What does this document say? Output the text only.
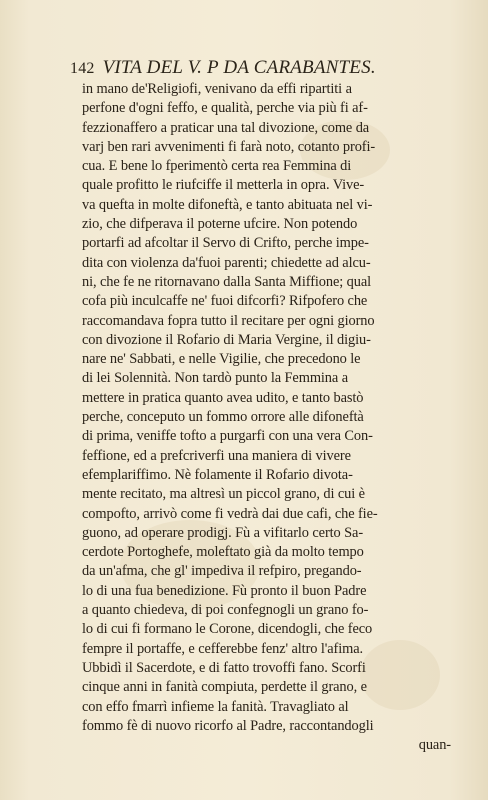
142 VITA DEL V. P DA CARABANTES.
in mano de'Religiofi, venivano da effi ripartiti a
perfone d'ogni feffo, e qualità, perche via più fi af-
fezzionaffero a praticar una tal divozione, come da
varj ben rari avvenimenti fi farà noto, cotanto profi-
cua. E bene lo fperimentò certa rea Femmina di
quale profitto le riufciffe il metterla in opra. Vive-
va quefta in molte difoneftà, e tanto abituata nel vi-
zio, che difperava il poterne ufcire. Non potendo
portarfi ad afcoltar il Servo di Crifto, perche impe-
dita con violenza da'fuoi parenti; chiedette ad alcu-
ni, che fe ne ritornavano dalla Santa Miffione; qual
cofa più inculcaffe ne' fuoi difcorfi? Rifpofero che
raccomandava fopra tutto il recitare per ogni giorno
con divozione il Rofario di Maria Vergine, il digiu-
nare ne' Sabbati, e nelle Vigilie, che precedono le
di lei Solennità. Non tardò punto la Femmina a
mettere in pratica quanto avea udito, e tanto bastò
perche, conceputo un fommo orrore alle difoneftà
di prima, veniffe tofto a purgarfi con una vera Con-
feffione, ed a prefcriverfi una maniera di vivere
efemplariffimo. Nè folamente il Rofario divota-
mente recitato, ma altresì un piccol grano, di cui è
compofto, arrivò come fi vedrà dai due cafi, che fie-
guono, ad operare prodigj. Fù a vifitarlo certo Sa-
cerdote Portoghefe, moleftato già da molto tempo
da un'afma, che gl' impediva il refpiro, pregando-
lo di una fua benedizione. Fù pronto il buon Padre
a quanto chiedeva, di poi confegnogli un grano fo-
lo di cui fi formano le Corone, dicendogli, che feco
fempre il portaffe, e cefferebbe fenz' altro l'afima.
Ubbidì il Sacerdote, e di fatto trovoffi fano. Scorfi
cinque anni in fanità compiuta, perdette il grano, e
con effo fmarrì infieme la fanità. Travagliato al
fommo fè di nuovo ricorfo al Padre, raccontandogli
quan-
